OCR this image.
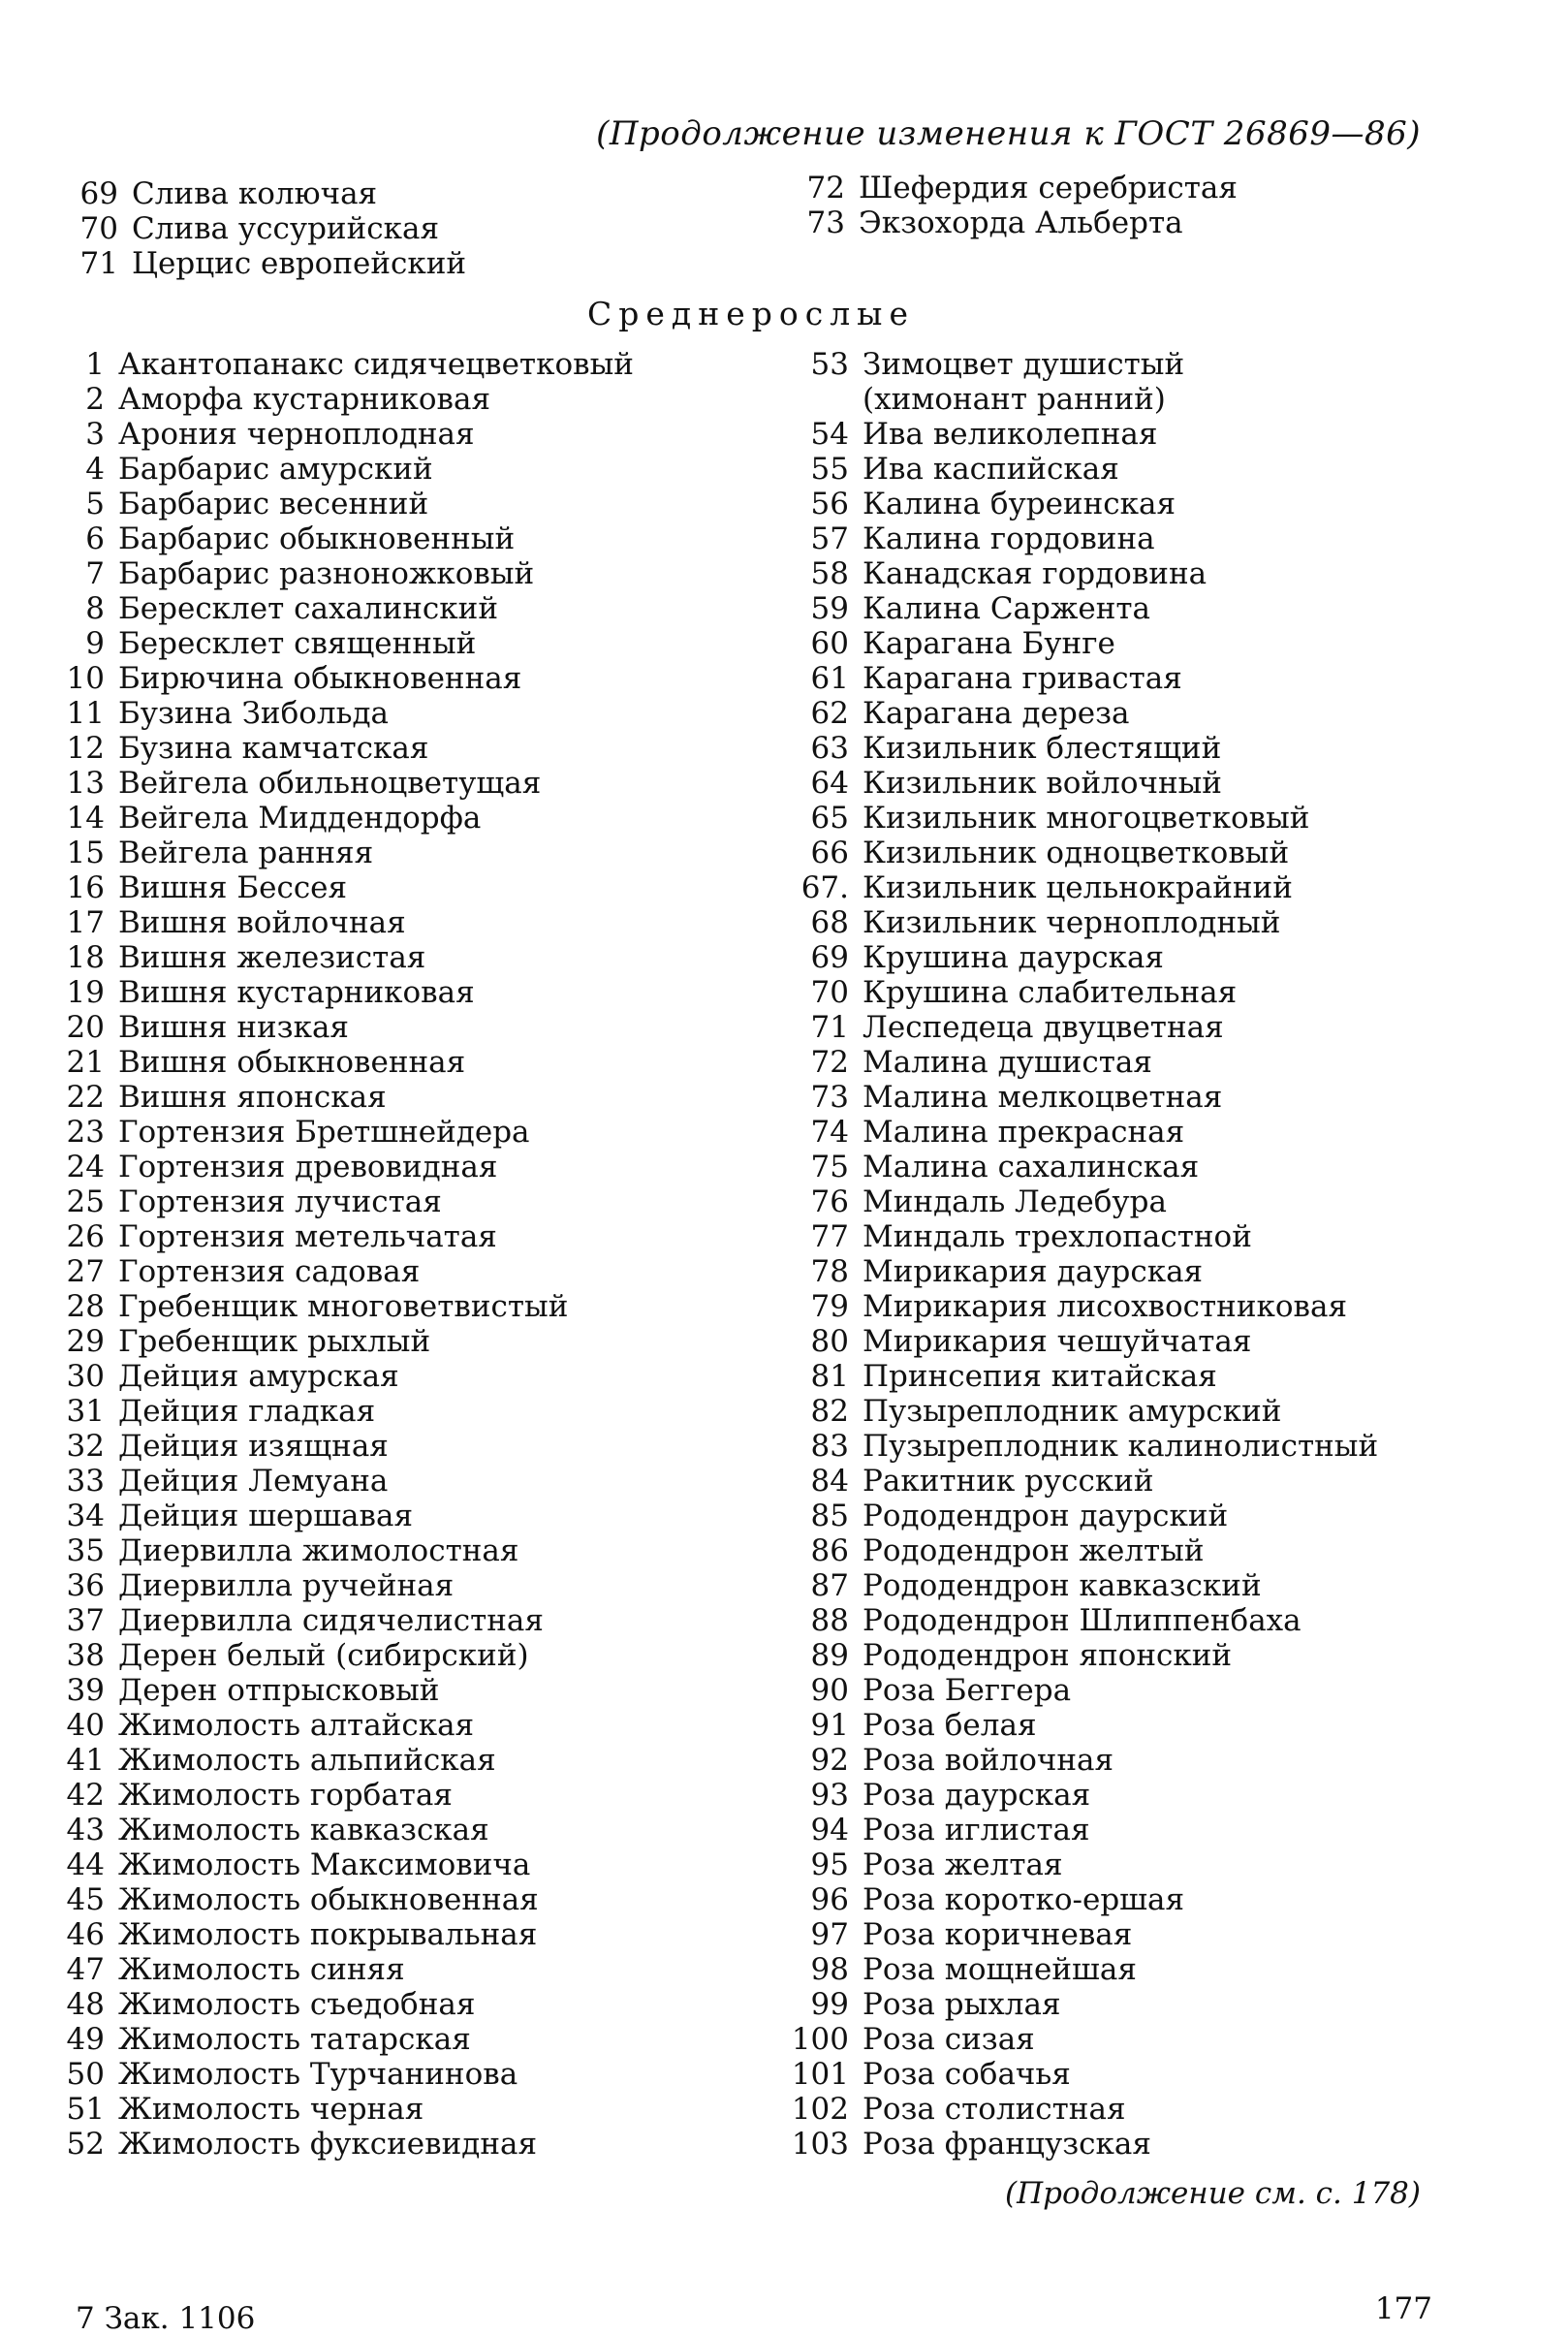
(Продолжение изменения к ГОСТ 26869—86)
69 Слива колючая
70 Слива уссурийская
71 Церцис европейский
72 Шефердия серебристая
73 Экзохорда Альберта
Среднерослые
1 Акантопанакс сидячецветковый
2 Аморфа кустарниковая
3 Арония черноплодная
4 Барбарис амурский
5 Барбарис весенний
6 Барбарис обыкновенный
7 Барбарис разноножковый
8 Бересклет сахалинский
9 Бересклет священный
10 Бирючина обыкновенная
11 Бузина Зибольда
12 Бузина камчатская
13 Вейгела обильноцветущая
14 Вейгела Миддендорфа
15 Вейгела ранняя
16 Вишня Бессея
17 Вишня войлочная
18 Вишня железистая
19 Вишня кустарниковая
20 Вишня низкая
21 Вишня обыкновенная
22 Вишня японская
23 Гортензия Бретшнейдера
24 Гортензия древовидная
25 Гортензия лучистая
26 Гортензия метельчатая
27 Гортензия садовая
28 Гребенщик многоветвистый
29 Гребенщик рыхлый
30 Дейция амурская
31 Дейция гладкая
32 Дейция изящная
33 Дейция Лемуана
34 Дейция шершавая
35 Диервилла жимолостная
36 Диервилла ручейная
37 Диервилла сидячелистная
38 Дерен белый (сибирский)
39 Дерен отпрысковый
40 Жимолость алтайская
41 Жимолость альпийская
42 Жимолость горбатая
43 Жимолость кавказская
44 Жимолость Максимовича
45 Жимолость обыкновенная
46 Жимолость покрывальная
47 Жимолость синяя
48 Жимолость съедобная
49 Жимолость татарская
50 Жимолость Турчанинова
51 Жимолость черная
52 Жимолость фуксиевидная
53 Зимоцвет душистый
(химонант ранний)
54 Ива великолепная
55 Ива каспийская
56 Калина буреинская
57 Калина гордовина
58 Канадская гордовина
59 Калина Саржента
60 Карагана Бунге
61 Карагана гривастая
62 Карагана дереза
63 Кизильник блестящий
64 Кизильник войлочный
65 Кизильник многоцветковый
66 Кизильник одноцветковый
67. Кизильник цельнокрайний
68 Кизильник черноплодный
69 Крушина даурская
70 Крушина слабительная
71 Леспедеца двуцветная
72 Малина душистая
73 Малина мелкоцветная
74 Малина прекрасная
75 Малина сахалинская
76 Миндаль Ледебура
77 Миндаль трехлопастной
78 Мирикария даурская
79 Мирикария лисохвостниковая
80 Мирикария чешуйчатая
81 Принсепия китайская
82 Пузыреплодник амурский
83 Пузыреплодник калинолистный
84 Ракитник русский
85 Рододендрон даурский
86 Рододендрон желтый
87 Рододендрон кавказский
88 Рододендрон Шлиппенбаха
89 Рододендрон японский
90 Роза Беггера
91 Роза белая
92 Роза войлочная
93 Роза даурская
94 Роза иглистая
95 Роза желтая
96 Роза коротко-ершая
97 Роза коричневая
98 Роза мощнейшая
99 Роза рыхлая
100 Роза сизая
101 Роза собачья
102 Роза столистная
103 Роза французская
(Продолжение см. с. 178)
7 Зак. 1106	177
